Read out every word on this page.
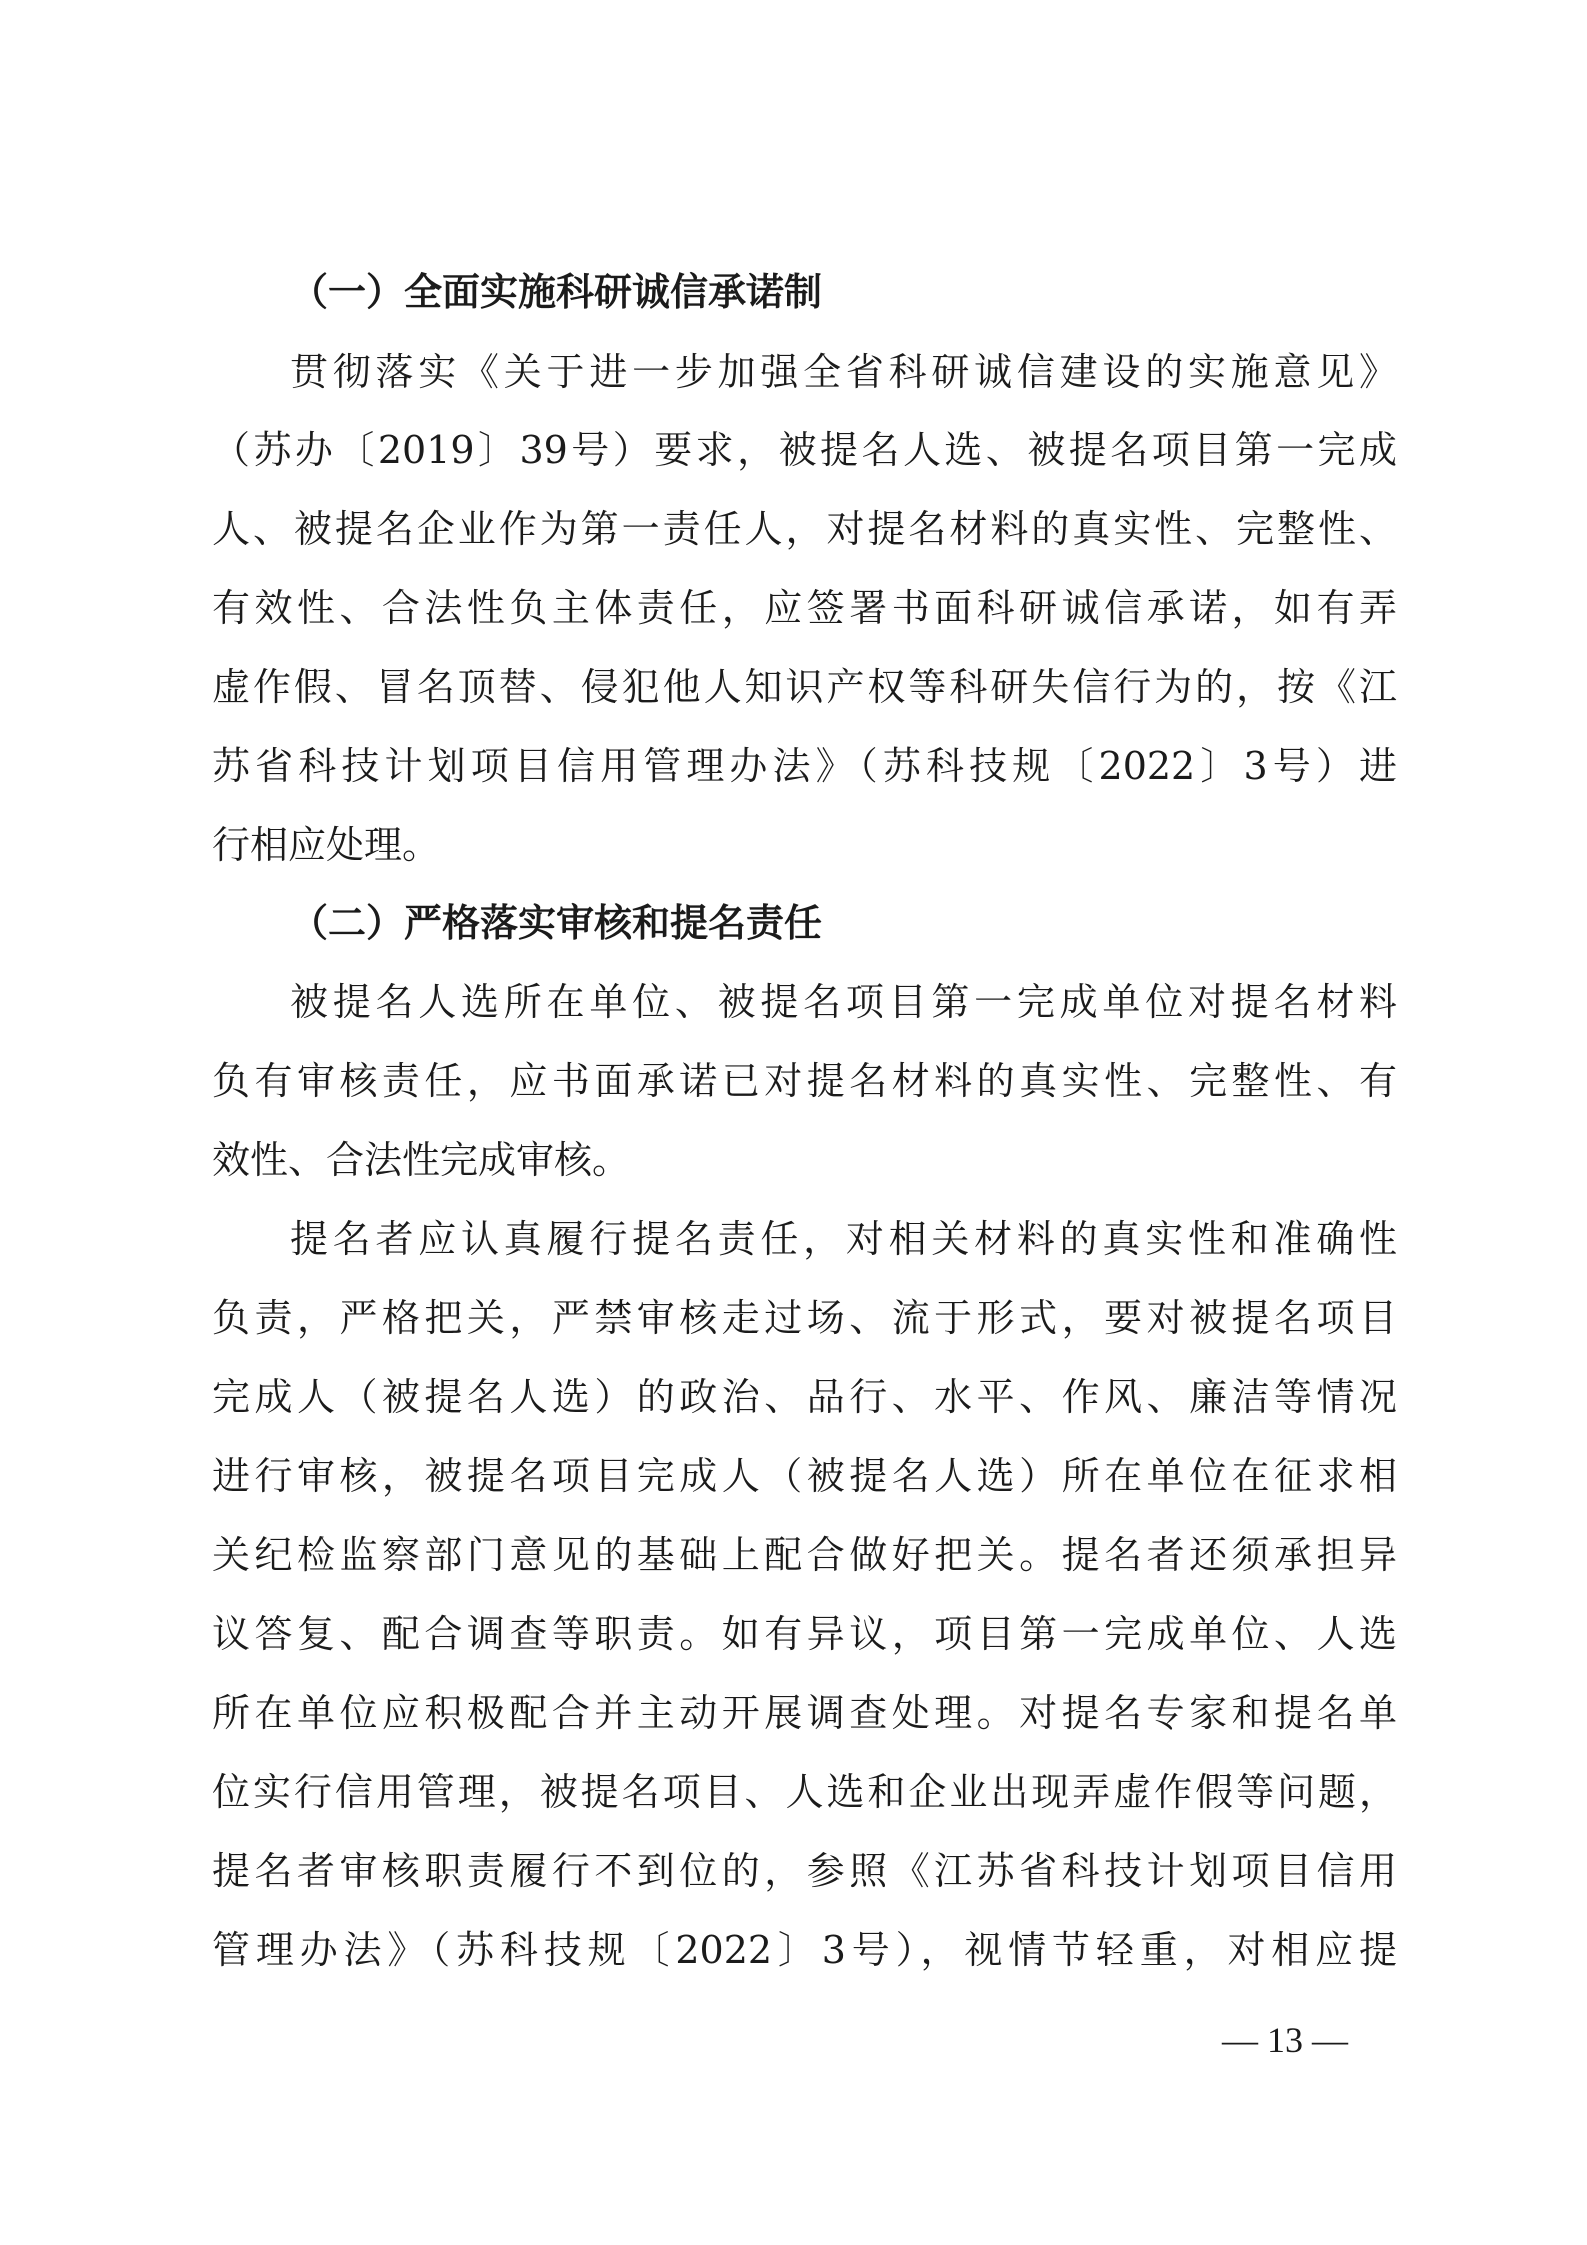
（一）全面实施科研诚信承诺制
贯彻落实《关于进一步加强全省科研诚信建设的实施意见》
（苏办〔2019〕39号）要求，被提名人选、被提名项目第一完成
人、被提名企业作为第一责任人，对提名材料的真实性、完整性、
有效性、合法性负主体责任，应签署书面科研诚信承诺，如有弄
虚作假、冒名顶替、侵犯他人知识产权等科研失信行为的，按《江
苏省科技计划项目信用管理办法》（苏科技规〔2022〕3号）进
行相应处理。
（二）严格落实审核和提名责任
被提名人选所在单位、被提名项目第一完成单位对提名材料
负有审核责任，应书面承诺已对提名材料的真实性、完整性、有
效性、合法性完成审核。
提名者应认真履行提名责任，对相关材料的真实性和准确性
负责，严格把关，严禁审核走过场、流于形式，要对被提名项目
完成人（被提名人选）的政治、品行、水平、作风、廉洁等情况
进行审核，被提名项目完成人（被提名人选）所在单位在征求相
关纪检监察部门意见的基础上配合做好把关。提名者还须承担异
议答复、配合调查等职责。如有异议，项目第一完成单位、人选
所在单位应积极配合并主动开展调查处理。对提名专家和提名单
位实行信用管理，被提名项目、人选和企业出现弄虚作假等问题，
提名者审核职责履行不到位的，参照《江苏省科技计划项目信用
管理办法》（苏科技规〔2022〕3号），视情节轻重，对相应提
— 13 —
